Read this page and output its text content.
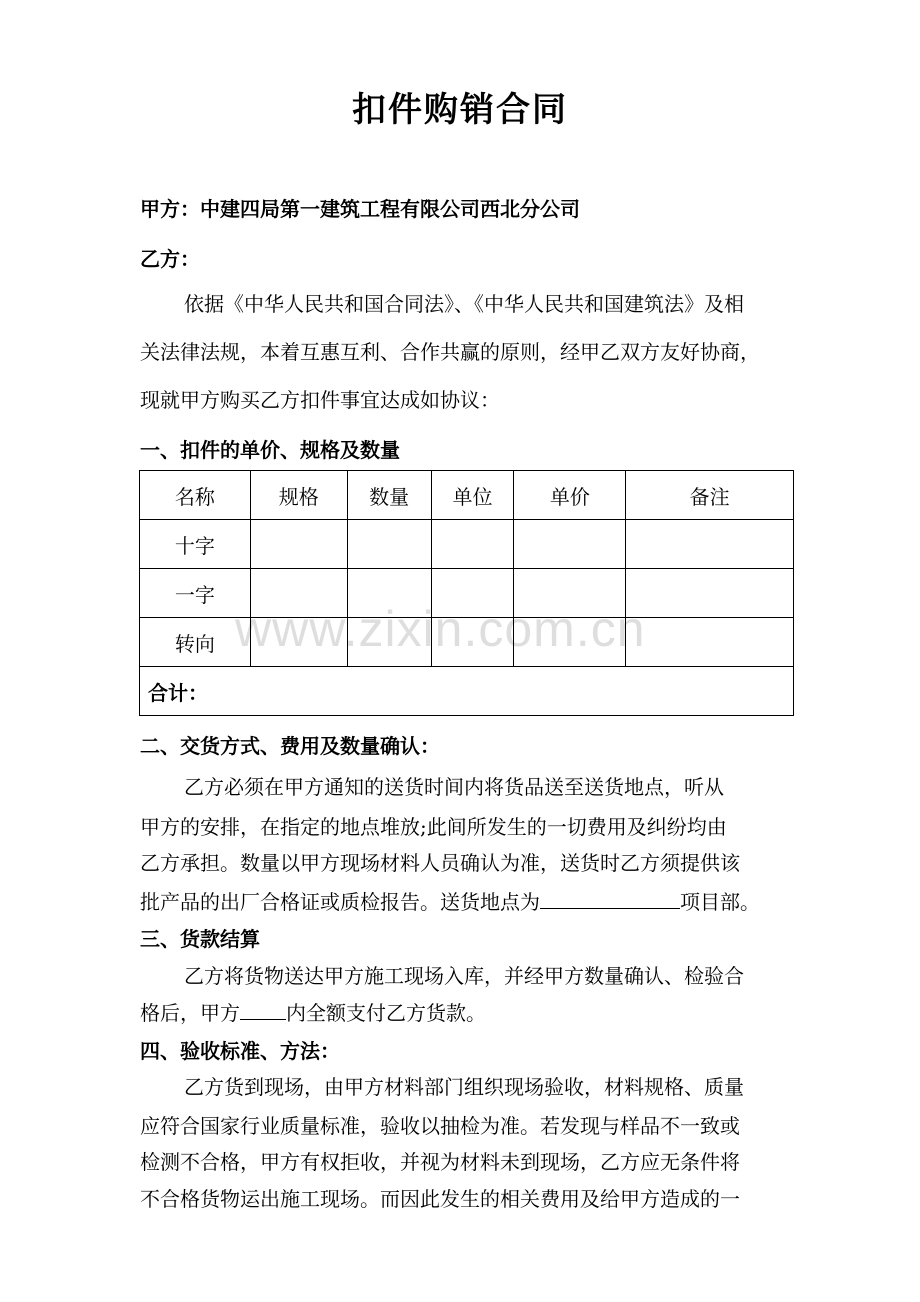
扣件购销合同
甲方：中建四局第一建筑工程有限公司西北分公司
乙方：
依据《中华人民共和国合同法》、《中华人民共和国建筑法》及相
关法律法规，本着互惠互利、合作共赢的原则，经甲乙双方友好协商，
现就甲方购买乙方扣件事宜达成如协议：
一、扣件的单价、规格及数量
名称	规格	数量	单位	单价	备注
十字					
一字					
转向					
合计：					
二、交货方式、费用及数量确认：
乙方必须在甲方通知的送货时间内将货品送至送货地点，听从
甲方的安排，在指定的地点堆放;此间所发生的一切费用及纠纷均由
乙方承担。数量以甲方现场材料人员确认为准，送货时乙方须提供该
批产品的出厂合格证或质检报告。送货地点为	项目部。
三、货款结算
乙方将货物送达甲方施工现场入库，并经甲方数量确认、检验合
格后，甲方 内全额支付乙方货款。
四、验收标准、方法：
乙方货到现场，由甲方材料部门组织现场验收，材料规格、质量
应符合国家行业质量标准，验收以抽检为准。若发现与样品不一致或
检测不合格，甲方有权拒收，并视为材料未到现场，乙方应无条件将
不合格货物运出施工现场。而因此发生的相关费用及给甲方造成的一
www.zixin.com.cn
